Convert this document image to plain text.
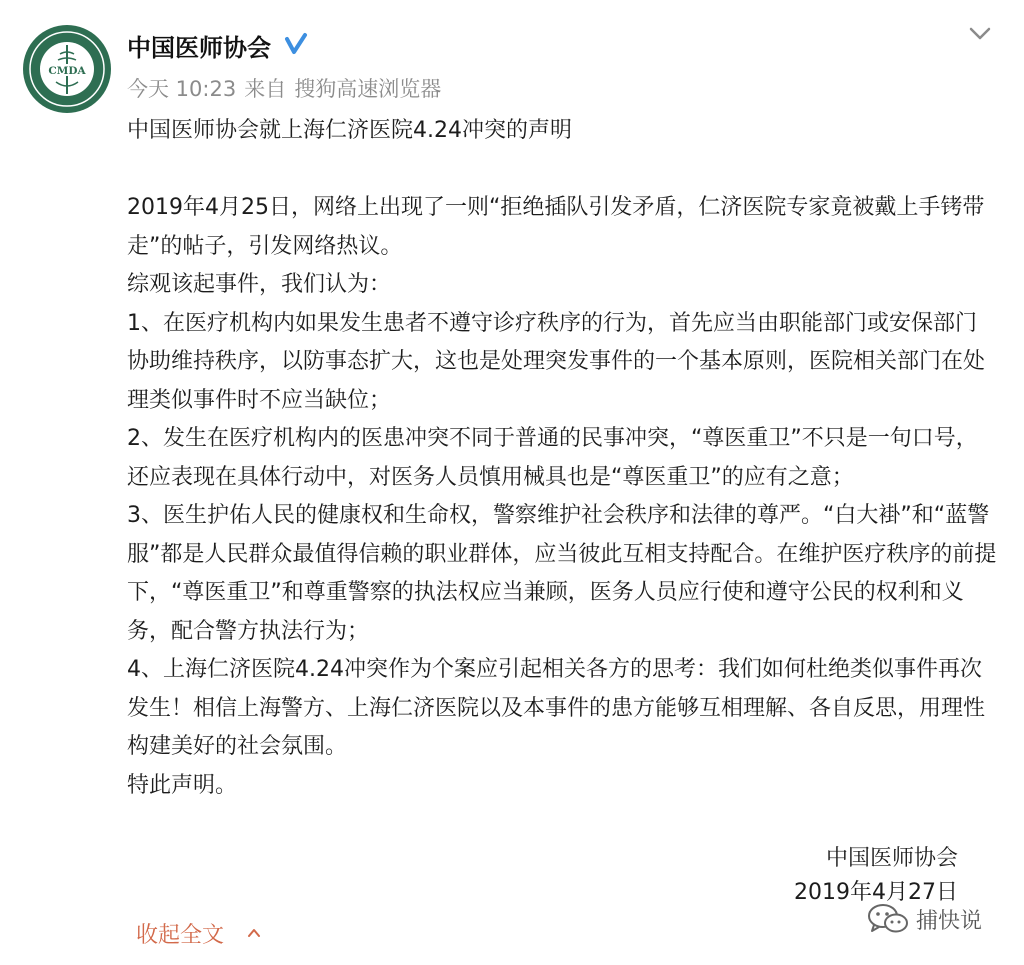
CMDA
中国医师协会
今天 10:23 来自 搜狗高速浏览器

中国医师协会就上海仁济医院4.24冲突的声明

2019年4月25日，网络上出现了一则“拒绝插队引发矛盾，仁济医院专家竟被戴上手铐带走”的帖子，引发网络热议。

综观该起事件，我们认为：

1、在医疗机构内如果发生患者不遵守诊疗秩序的行为，首先应当由职能部门或安保部门协助维持秩序，以防事态扩大，这也是处理突发事件的一个基本原则，医院相关部门在处理类似事件时不应当缺位；

2、发生在医疗机构内的医患冲突不同于普通的民事冲突，“尊医重卫”不只是一句口号，还应表现在具体行动中，对医务人员慎用械具也是“尊医重卫”的应有之意；

3、医生护佑人民的健康权和生命权，警察维护社会秩序和法律的尊严。“白大褂”和“蓝警服”都是人民群众最值得信赖的职业群体，应当彼此互相支持配合。在维护医疗秩序的前提下，“尊医重卫”和尊重警察的执法权应当兼顾，医务人员应行使和遵守公民的权利和义务，配合警方执法行为；

4、上海仁济医院4.24冲突作为个案应引起相关各方的思考：我们如何杜绝类似事件再次发生！相信上海警方、上海仁济医院以及本事件的患方能够互相理解、各自反思，用理性构建美好的社会氛围。

特此声明。

中国医师协会
2019年4月27日
收起全文
捕快说
